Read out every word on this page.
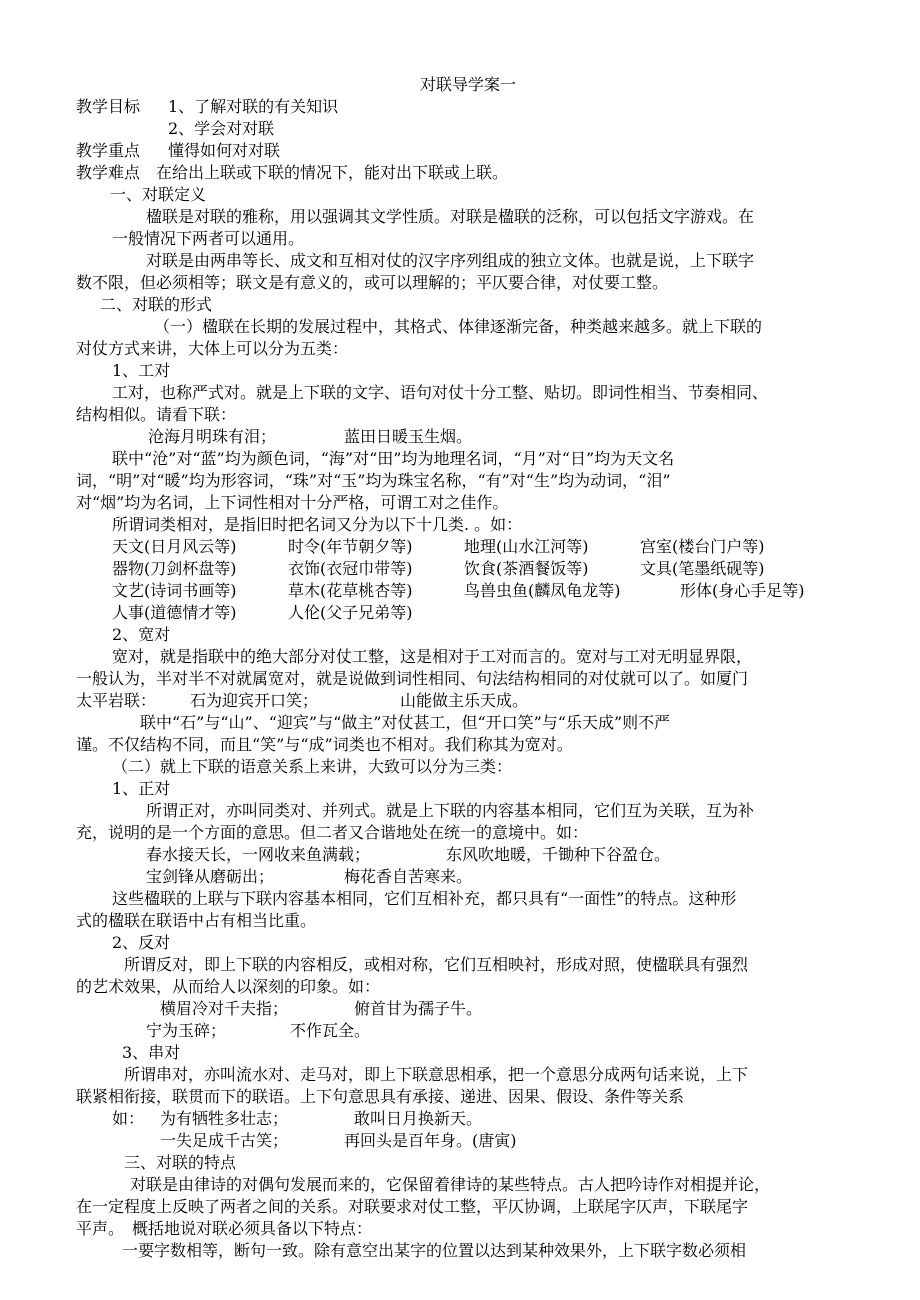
对联导学案一
教学目标 1、了解对联的有关知识
2、学会对对联
教学重点 懂得如何对对联
教学难点 在给出上联或下联的情况下，能对出下联或上联。
一、对联定义
楹联是对联的雅称，用以强调其文学性质。对联是楹联的泛称，可以包括文字游戏。在
一般情况下两者可以通用。
对联是由两串等长、成文和互相对仗的汉字序列组成的独立文体。也就是说，上下联字
数不限，但必须相等；联文是有意义的，或可以理解的；平仄要合律，对仗要工整。
二、对联的形式
（一）楹联在长期的发展过程中，其格式、体律逐渐完备，种类越来越多。就上下联的
对仗方式来讲，大体上可以分为五类：
1、工对
工对，也称严式对。就是上下联的文字、语句对仗十分工整、贴切。即词性相当、节奏相同、
结构相似。请看下联：
沧海月明珠有泪；	蓝田日暖玉生烟。
联中“沧”对“蓝”均为颜色词，“海”对“田”均为地理名词，“月”对“日”均为天文名
词，“明”对“暖”均为形容词，“珠”对“玉”均为珠宝名称，“有”对“生”均为动词，“泪”
对“烟”均为名词，上下词性相对十分严格，可谓工对之佳作。
所谓词类相对，是指旧时把名词又分为以下十几类. 。如：
天文(日月风云等)	时令(年节朝夕等)	地理(山水江河等)	宫室(楼台门户等)
器物(刀剑杯盘等)	衣饰(衣冠巾带等)	饮食(茶酒餐饭等)	文具(笔墨纸砚等)
文艺(诗词书画等)	草木(花草桃杏等)	鸟兽虫鱼(麟凤龟龙等)	形体(身心手足等)
人事(道德情才等)	人伦(父子兄弟等)
2、宽对
宽对，就是指联中的绝大部分对仗工整，这是相对于工对而言的。宽对与工对无明显界限，
一般认为，半对半不对就属宽对，就是说做到词性相同、句法结构相同的对仗就可以了。如厦门
太平岩联： 石为迎宾开口笑；	山能做主乐天成。
联中“石”与“山”、“迎宾”与“做主”对仗甚工，但“开口笑”与“乐天成”则不严
谨。不仅结构不同，而且“笑”与“成”词类也不相对。我们称其为宽对。
（二）就上下联的语意关系上来讲，大致可以分为三类：
1、正对
所谓正对，亦叫同类对、并列式。就是上下联的内容基本相同，它们互为关联，互为补
充，说明的是一个方面的意思。但二者又合谐地处在统一的意境中。如：
春水接天长，一网收来鱼满载；	东风吹地暖，千锄种下谷盈仓。
宝剑锋从磨砺出；	梅花香自苦寒来。
这些楹联的上联与下联内容基本相同，它们互相补充，都只具有“一面性”的特点。这种形
式的楹联在联语中占有相当比重。
2、反对
所谓反对，即上下联的内容相反，或相对称，它们互相映衬，形成对照，使楹联具有强烈
的艺术效果，从而给人以深刻的印象。如：
横眉冷对千夫指；	俯首甘为孺子牛。
宁为玉碎；	不作瓦全。
3、串对
所谓串对，亦叫流水对、走马对，即上下联意思相承，把一个意思分成两句话来说，上下
联紧相衔接，联贯而下的联语。上下句意思具有承接、递进、因果、假设、条件等关系
如： 为有牺牲多壮志；	敢叫日月换新天。
一失足成千古笑；	再回头是百年身。(唐寅)
三、对联的特点
对联是由律诗的对偶句发展而来的，它保留着律诗的某些特点。古人把吟诗作对相提并论，
在一定程度上反映了两者之间的关系。对联要求对仗工整，平仄协调，上联尾字仄声，下联尾字
平声。　概括地说对联必须具备以下特点：
一要字数相等，断句一致。除有意空出某字的位置以达到某种效果外，上下联字数必须相
